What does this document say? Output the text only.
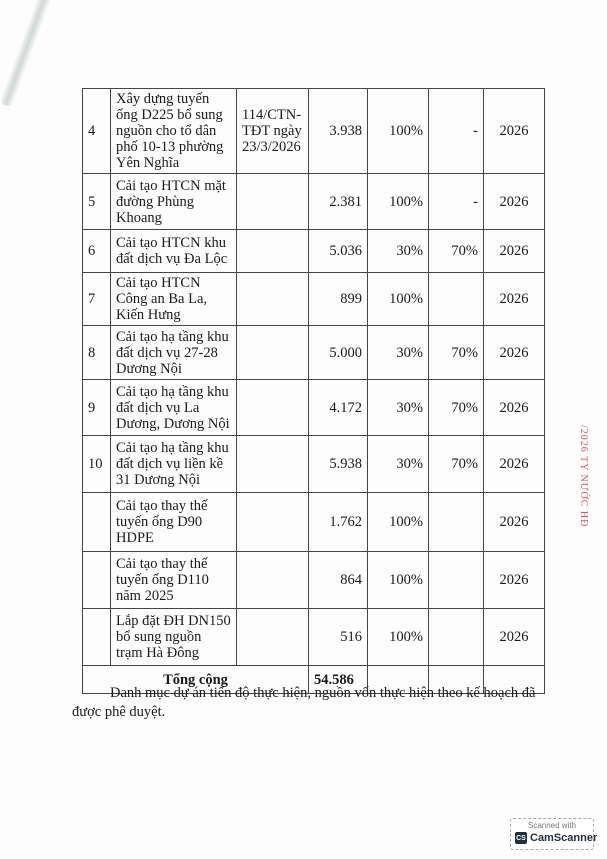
4	Xây dựng tuyến ống D225 bổ sung nguồn cho tổ dân phố 10-13 phường Yên Nghĩa	114/CTN-TĐT ngày 23/3/2026	3.938	100%	-	2026
5	Cải tạo HTCN mặt đường Phùng Khoang		2.381	100%	-	2026
6	Cải tạo HTCN khu đất dịch vụ Đa Lộc		5.036	30%	70%	2026
7	Cải tạo HTCN Công an Ba La, Kiến Hưng		899	100%		2026
8	Cải tạo hạ tầng khu đất dịch vụ 27-28 Dương Nội		5.000	30%	70%	2026
9	Cải tạo hạ tầng khu đất dịch vụ La Dương, Dương Nội		4.172	30%	70%	2026
10	Cải tạo hạ tầng khu đất dịch vụ liền kề 31 Dương Nội		5.938	30%	70%	2026
	Cải tạo thay thế tuyến ống D90 HDPE		1.762	100%		2026
	Cải tạo thay thế tuyến ống D110 năm 2025		864	100%		2026
	Lắp đặt ĐH DN150 bổ sung nguồn trạm Hà Đông		516	100%		2026
Tổng cộng			54.586			
Danh mục dự án tiến độ thực hiện, nguồn vốn thực hiện theo kế hoạch đã được phê duyệt.
/2026 TY NƯỚC HĐ
Scanned with
CS CamScanner
